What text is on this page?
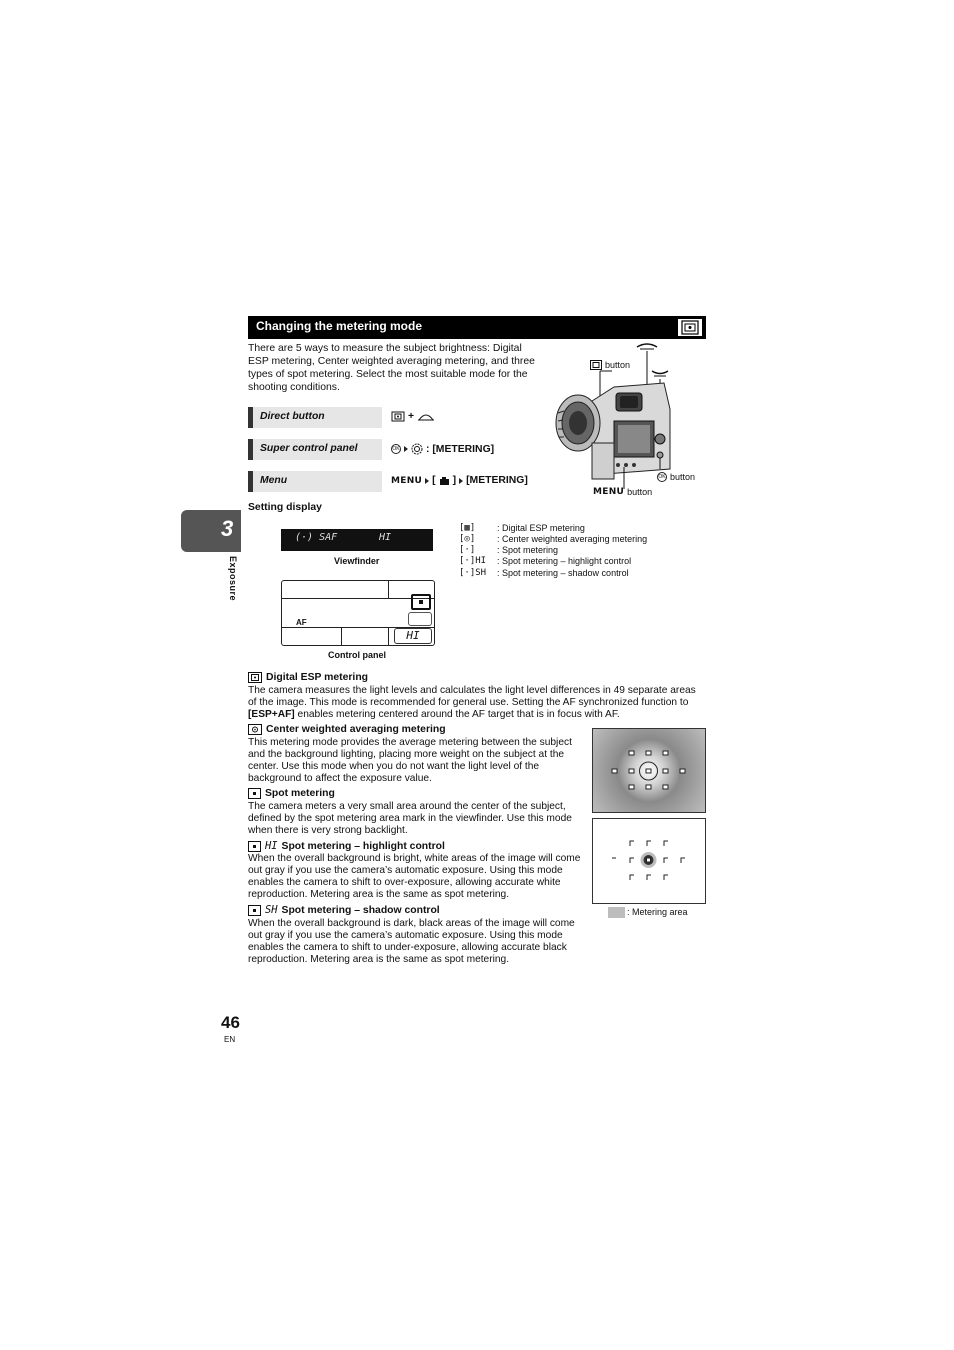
Changing the metering mode
There are 5 ways to measure the subject brightness: Digital ESP metering, Center weighted averaging metering, and three types of spot metering. Select the most suitable mode for the shooting conditions.
Direct button	+
Super control panel	OK	: [METERING]
Menu	MENU [ ] [METERING]
button
OK button
MENU button
3
Exposure
Setting display
(·) SAF	HI
Viewfinder
AF
HI
Control panel
[▦]	: Digital ESP metering
[◎]	: Center weighted averaging metering
[·]	: Spot metering
[·]HI	: Spot metering – highlight control
[·]SH	: Spot metering – shadow control
Digital ESP metering
The camera measures the light levels and calculates the light level differences in 49 separate areas of the image. This mode is recommended for general use. Setting the AF synchronized function to [ESP+AF] enables metering centered around the AF target that is in focus with AF.
Center weighted averaging metering
This metering mode provides the average metering between the subject and the background lighting, placing more weight on the subject at the center. Use this mode when you do not want the light level of the background to affect the exposure value.
Spot metering
The camera meters a very small area around the center of the subject, defined by the spot metering area mark in the viewfinder. Use this mode when there is very strong backlight.
HI Spot metering – highlight control
When the overall background is bright, white areas of the image will come out gray if you use the camera’s automatic exposure. Using this mode enables the camera to shift to over-exposure, allowing accurate white reproduction. Metering area is the same as spot metering.
SH Spot metering – shadow control
When the overall background is dark, black areas of the image will come out gray if you use the camera’s automatic exposure. Using this mode enables the camera to shift to under-exposure, allowing accurate black reproduction. Metering area is the same as spot metering.
: Metering area
46
EN
